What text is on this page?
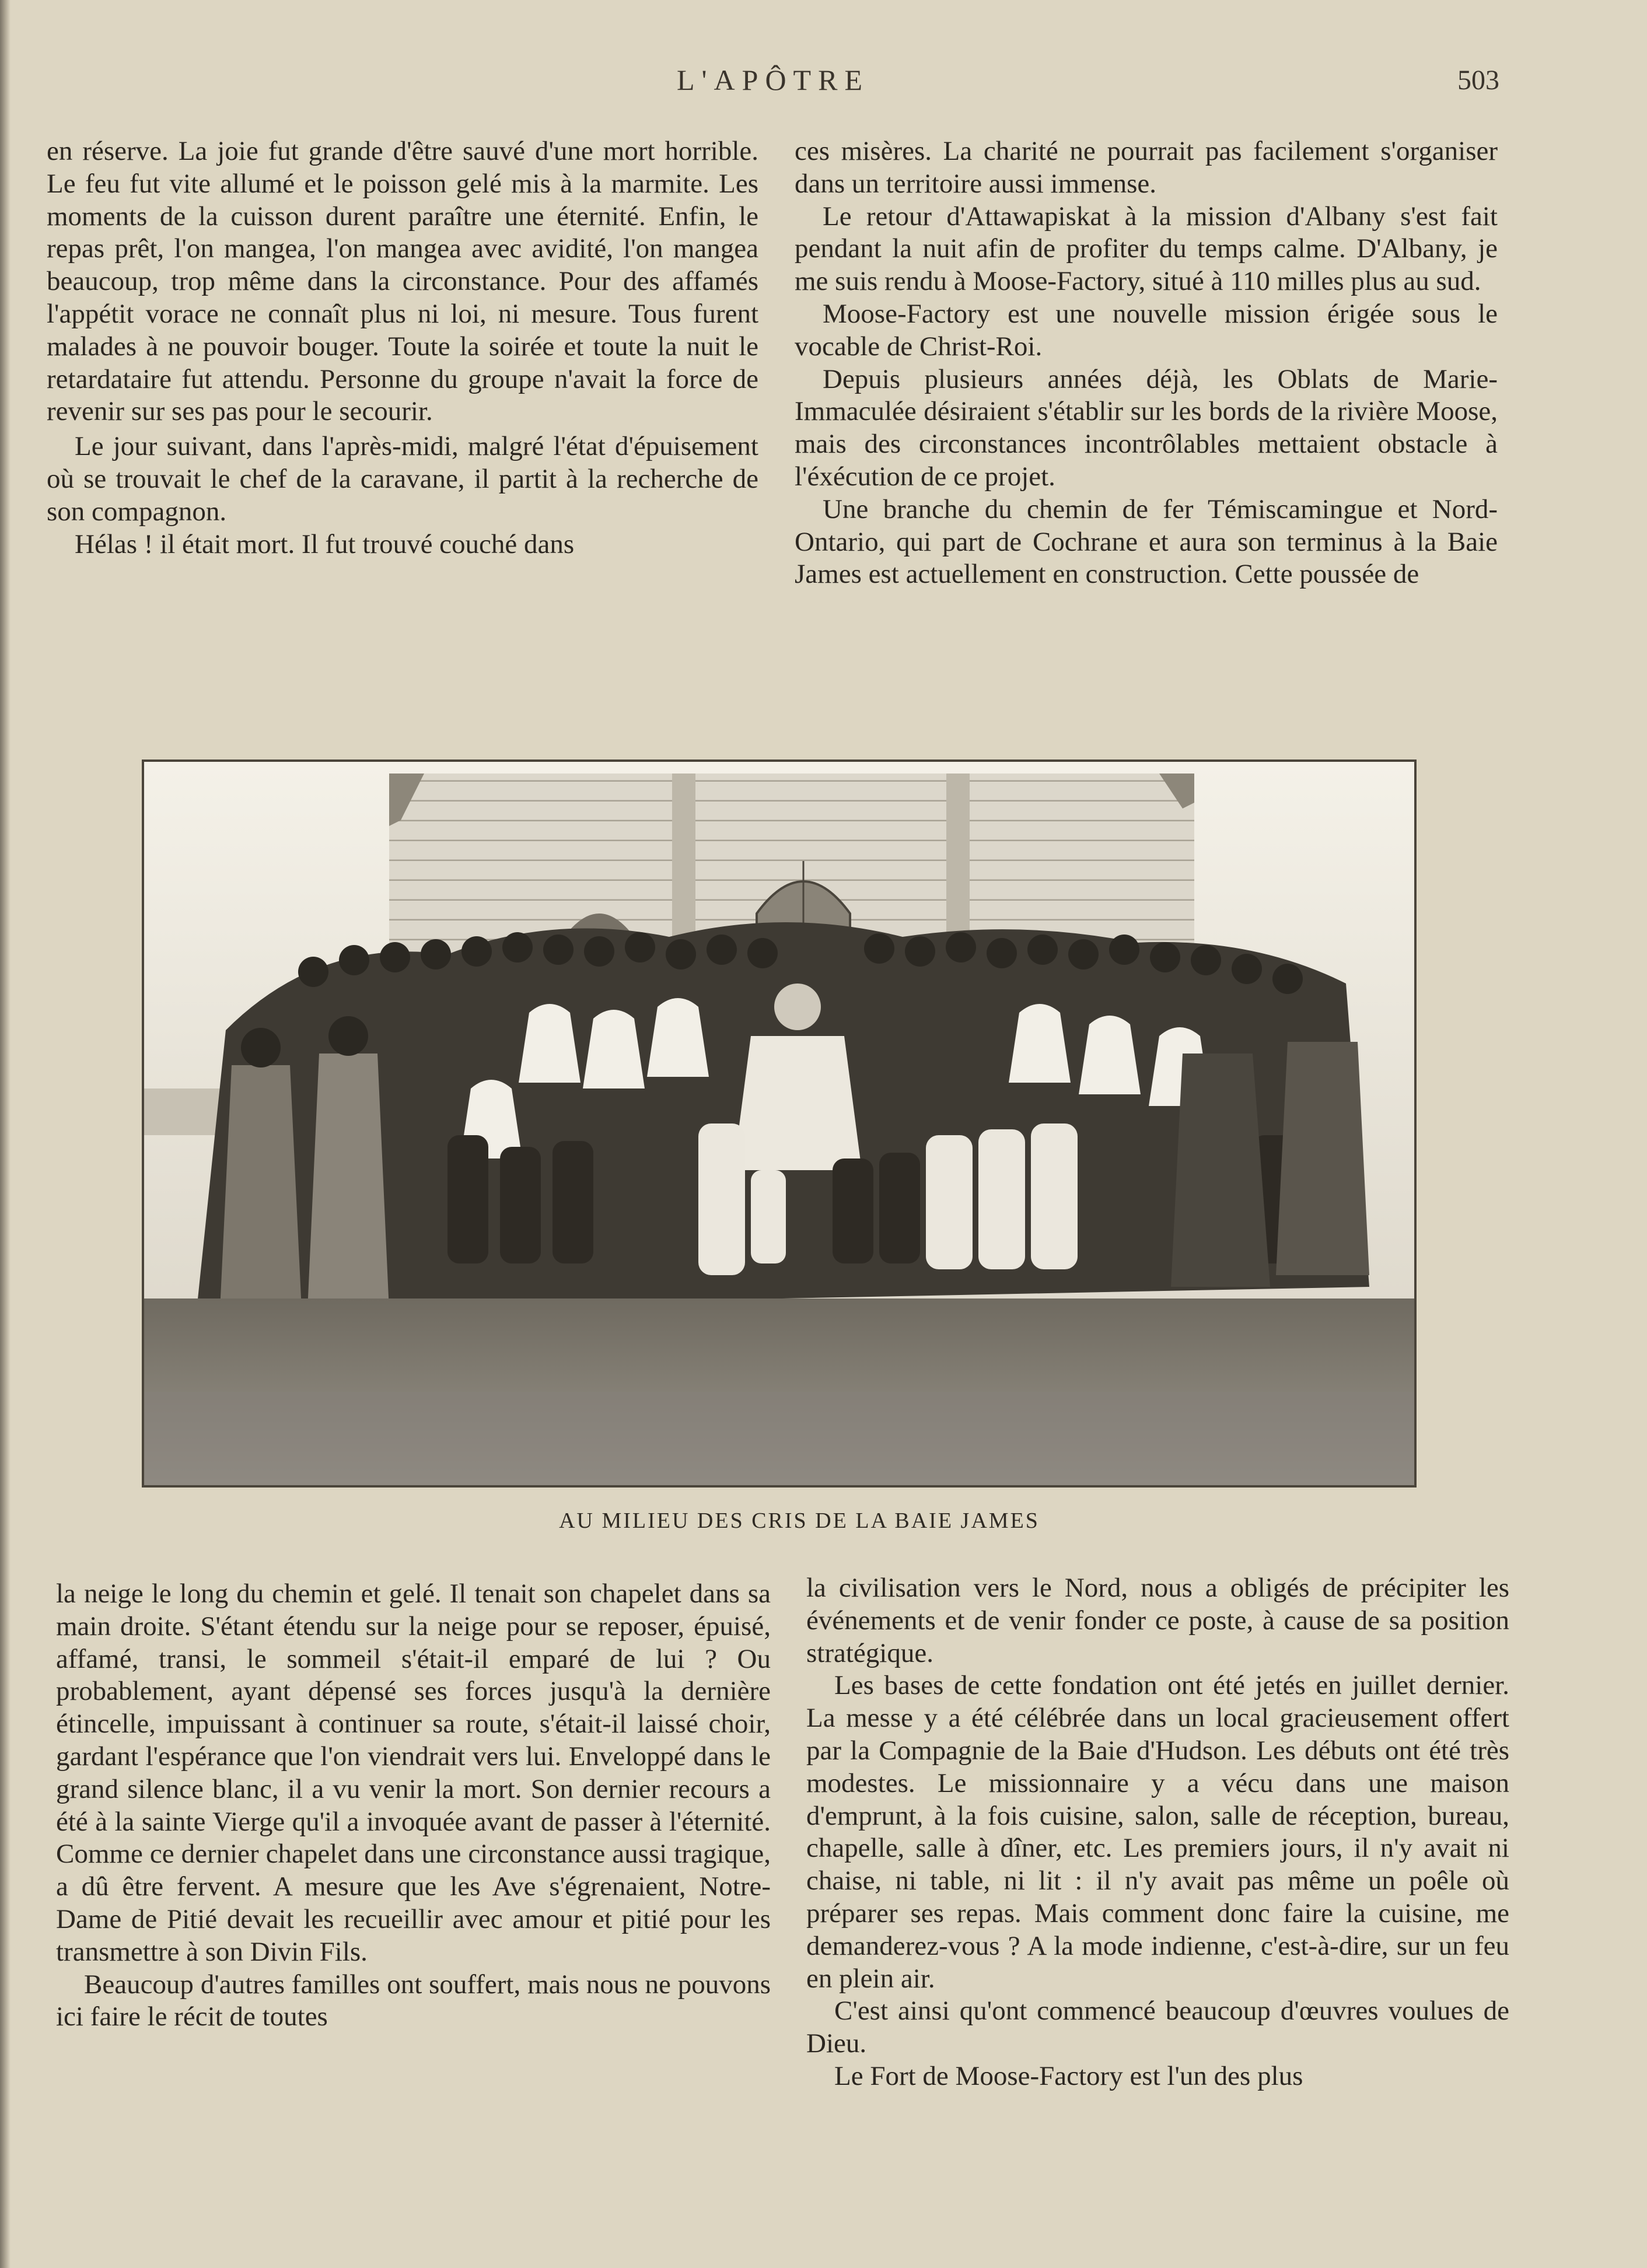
L'APÔTRE	503

en réserve. La joie fut grande d'être sauvé d'une mort horrible. Le feu fut vite allumé et le poisson gelé mis à la marmite. Les moments de la cuisson durent paraître une éternité. Enfin, le repas prêt, l'on mangea, l'on mangea avec avidité, l'on mangea beaucoup, trop même dans la circonstance. Pour des affamés l'appétit vorace ne connaît plus ni loi, ni mesure. Tous furent malades à ne pouvoir bouger. Toute la soirée et toute la nuit le retardataire fut attendu. Personne du groupe n'avait la force de revenir sur ses pas pour le secourir.

Le jour suivant, dans l'après-midi, malgré l'état d'épuisement où se trouvait le chef de la caravane, il partit à la recherche de son compagnon.

Hélas ! il était mort. Il fut trouvé couché dans

ces misères. La charité ne pourrait pas facilement s'organiser dans un territoire aussi immense.

Le retour d'Attawapiskat à la mission d'Albany s'est fait pendant la nuit afin de profiter du temps calme. D'Albany, je me suis rendu à Moose-Factory, situé à 110 milles plus au sud.

Moose-Factory est une nouvelle mission érigée sous le vocable de Christ-Roi.

Depuis plusieurs années déjà, les Oblats de Marie-Immaculée désiraient s'établir sur les bords de la rivière Moose, mais des circonstances incontrôlables mettaient obstacle à l'éxécution de ce projet.

Une branche du chemin de fer Témiscamingue et Nord-Ontario, qui part de Cochrane et aura son terminus à la Baie James est actuellement en construction. Cette poussée de

AU MILIEU DES CRIS DE LA BAIE JAMES

la neige le long du chemin et gelé. Il tenait son chapelet dans sa main droite. S'étant étendu sur la neige pour se reposer, épuisé, affamé, transi, le sommeil s'était-il emparé de lui ? Ou probablement, ayant dépensé ses forces jusqu'à la dernière étincelle, impuissant à continuer sa route, s'était-il laissé choir, gardant l'espérance que l'on viendrait vers lui. Enveloppé dans le grand silence blanc, il a vu venir la mort. Son dernier recours a été à la sainte Vierge qu'il a invoquée avant de passer à l'éternité. Comme ce dernier chapelet dans une circonstance aussi tragique, a dû être fervent. A mesure que les Ave s'égrenaient, Notre-Dame de Pitié devait les recueillir avec amour et pitié pour les transmettre à son Divin Fils.

Beaucoup d'autres familles ont souffert, mais nous ne pouvons ici faire le récit de toutes

la civilisation vers le Nord, nous a obligés de précipiter les événements et de venir fonder ce poste, à cause de sa position stratégique.

Les bases de cette fondation ont été jetés en juillet dernier. La messe y a été célébrée dans un local gracieusement offert par la Compagnie de la Baie d'Hudson. Les débuts ont été très modestes. Le missionnaire y a vécu dans une maison d'emprunt, à la fois cuisine, salon, salle de réception, bureau, chapelle, salle à dîner, etc. Les premiers jours, il n'y avait ni chaise, ni table, ni lit : il n'y avait pas même un poêle où préparer ses repas. Mais comment donc faire la cuisine, me demanderez-vous ? A la mode indienne, c'est-à-dire, sur un feu en plein air.

C'est ainsi qu'ont commencé beaucoup d'œuvres voulues de Dieu.

Le Fort de Moose-Factory est l'un des plus
